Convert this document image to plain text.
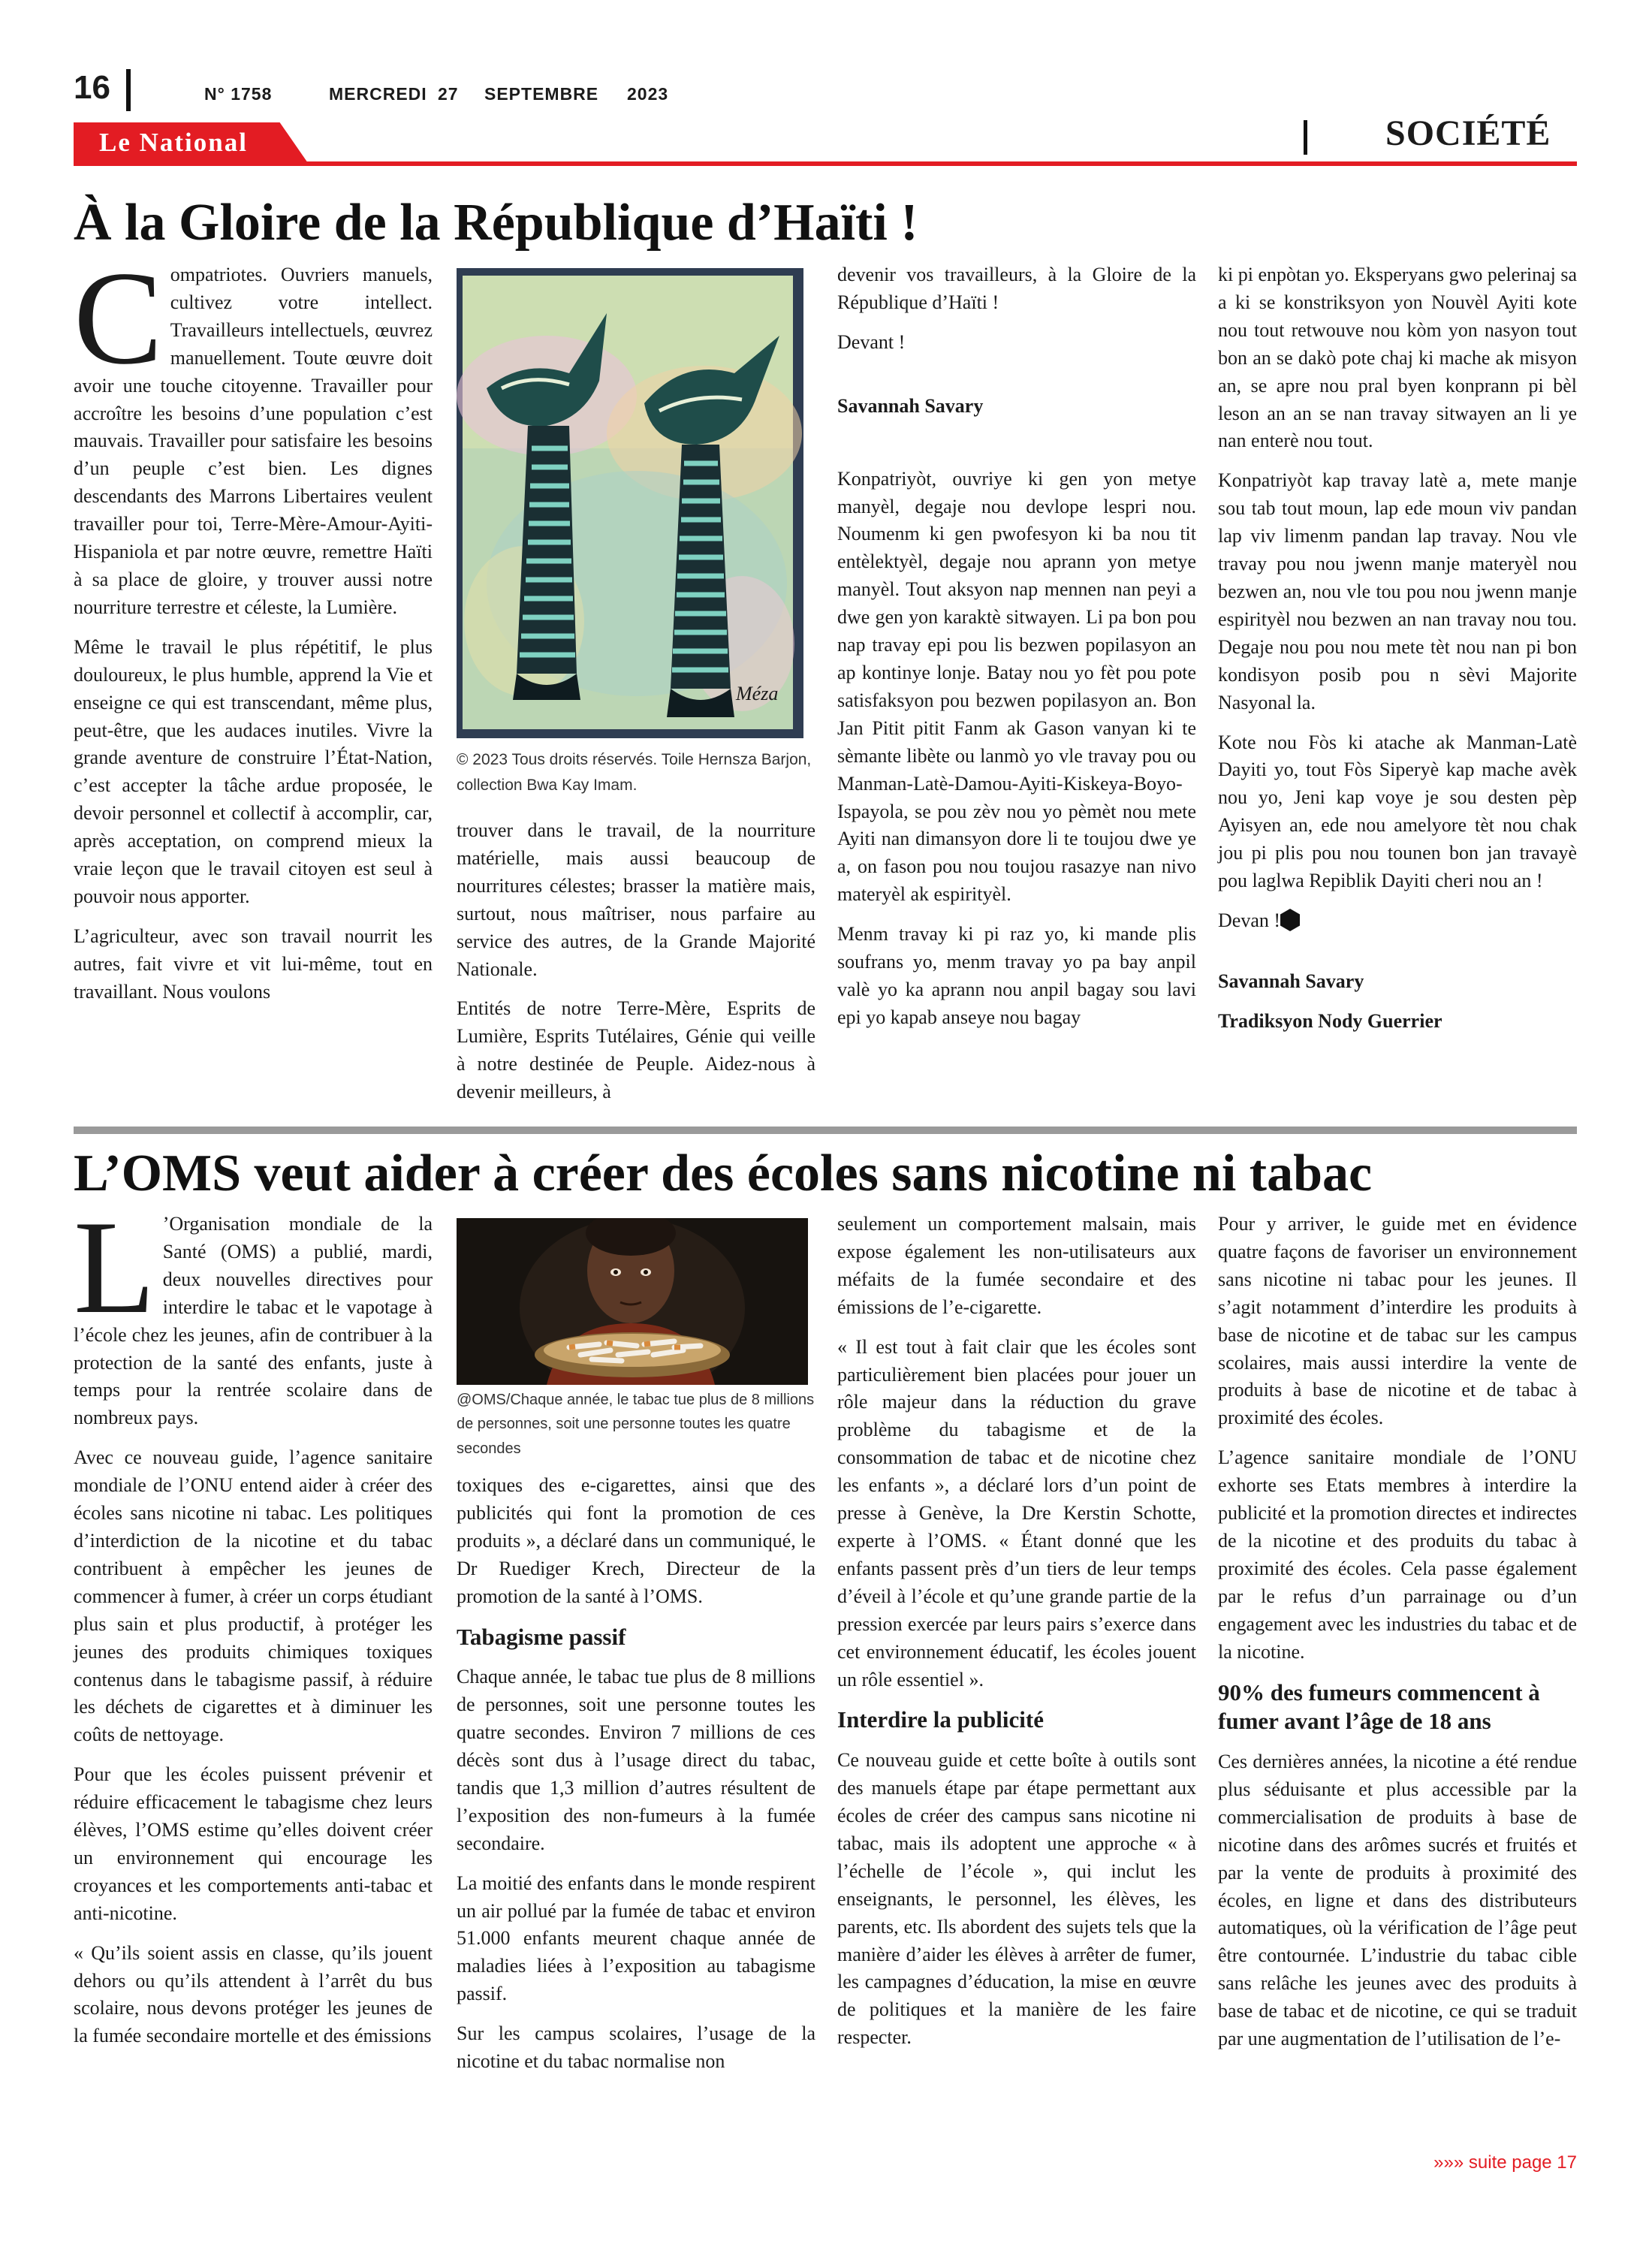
16	N° 1758	MERCREDI 27 SEPTEMBRE 2023
Le National	SOCIÉTÉ
À la Gloire de la République d’Haïti !

Compatriotes. Ouvriers manuels, cultivez votre intellect. Travailleurs intellectuels, œuvrez manuellement. Toute œuvre doit avoir une touche citoyenne. Travailler pour accroître les besoins d’une population c’est mauvais. Travailler pour satisfaire les besoins d’un peuple c’est bien. Les dignes descendants des Marrons Libertaires veulent travailler pour toi, Terre-Mère-Amour-Ayiti-Hispaniola et par notre œuvre, remettre Haïti à sa place de gloire, y trouver aussi notre nourriture terrestre et céleste, la Lumière.

Même le travail le plus répétitif, le plus douloureux, le plus humble, apprend la Vie et enseigne ce qui est transcendant, même plus, peut-être, que les audaces inutiles. Vivre la grande aventure de construire l’État-Nation, c’est accepter la tâche ardue proposée, le devoir personnel et collectif à accomplir, car, après acceptation, on comprend mieux la vraie leçon que le travail citoyen est seul à pouvoir nous apporter.

L’agriculteur, avec son travail nourrit les autres, fait vivre et vit lui-même, tout en travaillant. Nous voulons

Méza
© 2023 Tous droits réservés. Toile Hernsza Barjon, collection Bwa Kay Imam.

trouver dans le travail, de la nourriture matérielle, mais aussi beaucoup de nourritures célestes; brasser la matière mais, surtout, nous maîtriser, nous parfaire au service des autres, de la Grande Majorité Nationale.

Entités de notre Terre-Mère, Esprits de Lumière, Esprits Tutélaires, Génie qui veille à notre destinée de Peuple. Aidez-nous à devenir meilleurs, à

devenir vos travailleurs, à la Gloire de la République d’Haïti !

Devant !

Savannah Savary

Konpatriyòt, ouvriye ki gen yon metye manyèl, degaje nou devlope lespri nou. Noumenm ki gen pwofesyon ki ba nou tit entèlektyèl, degaje nou aprann yon metye manyèl. Tout aksyon nap mennen nan peyi a dwe gen yon karaktè sitwayen. Li pa bon pou nap travay epi pou lis bezwen popilasyon an ap kontinye lonje. Batay nou yo fèt pou pote satisfaksyon pou bezwen popilasyon an. Bon Jan Pitit pitit Fanm ak Gason vanyan ki te sèmante libète ou lanmò yo vle travay pou ou Manman-Latè-Damou-Ayiti-Kiskeya-Boyo-Ispayola, se pou zèv nou yo pèmèt nou mete Ayiti nan dimansyon dore li te toujou dwe ye a, on fason pou nou toujou rasazye nan nivo materyèl ak espirityèl.

Menm travay ki pi raz yo, ki mande plis soufrans yo, menm travay yo pa bay anpil valè yo ka aprann nou anpil bagay sou lavi epi yo kapab anseye nou bagay

ki pi enpòtan yo. Eksperyans gwo pelerinaj sa a ki se konstriksyon yon Nouvèl Ayiti kote nou tout retwouve nou kòm yon nasyon tout bon an se dakò pote chaj ki mache ak misyon an, se apre nou pral byen konprann pi bèl leson an an se nan travay sitwayen an li ye nan enterè nou tout.

Konpatriyòt kap travay latè a, mete manje sou tab tout moun, lap ede moun viv pandan lap viv limenm pandan lap travay. Nou vle travay pou nou jwenn manje materyèl nou bezwen an, nou vle tou pou nou jwenn manje espirityèl nou bezwen an nan travay nou tou. Degaje nou pou nou mete tèt nou nan pi bon kondisyon posib pou n sèvi Majorite Nasyonal la.

Kote nou Fòs ki atache ak Manman-Latè Dayiti yo, tout Fòs Siperyè kap mache avèk nou yo, Jeni kap voye je sou desten pèp Ayisyen an, ede nou amelyore tèt nou chak jou pi plis pou nou tounen bon jan travayè pou laglwa Repiblik Dayiti cheri nou an !

Devan !

Savannah Savary

Tradiksyon Nody Guerrier

L’OMS veut aider à créer des écoles sans nicotine ni tabac

L ’Organisation mondiale de la Santé (OMS) a publié, mardi, deux nouvelles directives pour interdire le tabac et le vapotage à l’école chez les jeunes, afin de contribuer à la protection de la santé des enfants, juste à temps pour la rentrée scolaire dans de nombreux pays.

Avec ce nouveau guide, l’agence sanitaire mondiale de l’ONU entend aider à créer des écoles sans nicotine ni tabac. Les politiques d’interdiction de la nicotine et du tabac contribuent à empêcher les jeunes de commencer à fumer, à créer un corps étudiant plus sain et plus productif, à protéger les jeunes des produits chimiques toxiques contenus dans le tabagisme passif, à réduire les déchets de cigarettes et à diminuer les coûts de nettoyage.

Pour que les écoles puissent prévenir et réduire efficacement le tabagisme chez leurs élèves, l’OMS estime qu’elles doivent créer un environnement qui encourage les croyances et les comportements anti-tabac et anti-nicotine.

« Qu’ils soient assis en classe, qu’ils jouent dehors ou qu’ils attendent à l’arrêt du bus scolaire, nous devons protéger les jeunes de la fumée secondaire mortelle et des émissions

@OMS/Chaque année, le tabac tue plus de 8 millions de personnes, soit une personne toutes les quatre secondes

toxiques des e-cigarettes, ainsi que des publicités qui font la promotion de ces produits », a déclaré dans un communiqué, le Dr Ruediger Krech, Directeur de la promotion de la santé à l’OMS.

Tabagisme passif

Chaque année, le tabac tue plus de 8 millions de personnes, soit une personne toutes les quatre secondes. Environ 7 millions de ces décès sont dus à l’usage direct du tabac, tandis que 1,3 million d’autres résultent de l’exposition des non-fumeurs à la fumée secondaire.

La moitié des enfants dans le monde respirent un air pollué par la fumée de tabac et environ 51.000 enfants meurent chaque année de maladies liées à l’exposition au tabagisme passif.

Sur les campus scolaires, l’usage de la nicotine et du tabac normalise non

seulement un comportement malsain, mais expose également les non-utilisateurs aux méfaits de la fumée secondaire et des émissions de l’e-cigarette.

« Il est tout à fait clair que les écoles sont particulièrement bien placées pour jouer un rôle majeur dans la réduction du grave problème du tabagisme et de la consommation de tabac et de nicotine chez les enfants », a déclaré lors d’un point de presse à Genève, la Dre Kerstin Schotte, experte à l’OMS. « Étant donné que les enfants passent près d’un tiers de leur temps d’éveil à l’école et qu’une grande partie de la pression exercée par leurs pairs s’exerce dans cet environnement éducatif, les écoles jouent un rôle essentiel ».

Interdire la publicité

Ce nouveau guide et cette boîte à outils sont des manuels étape par étape permettant aux écoles de créer des campus sans nicotine ni tabac, mais ils adoptent une approche « à l’échelle de l’école », qui inclut les enseignants, le personnel, les élèves, les parents, etc. Ils abordent des sujets tels que la manière d’aider les élèves à arrêter de fumer, les campagnes d’éducation, la mise en œuvre de politiques et la manière de les faire respecter.

Pour y arriver, le guide met en évidence quatre façons de favoriser un environnement sans nicotine ni tabac pour les jeunes. Il s’agit notamment d’interdire les produits à base de nicotine et de tabac sur les campus scolaires, mais aussi interdire la vente de produits à base de nicotine et de tabac à proximité des écoles.

L’agence sanitaire mondiale de l’ONU exhorte ses Etats membres à interdire la publicité et la promotion directes et indirectes de la nicotine et des produits du tabac à proximité des écoles. Cela passe également par le refus d’un parrainage ou d’un engagement avec les industries du tabac et de la nicotine.

90% des fumeurs commencent à fumer avant l’âge de 18 ans

Ces dernières années, la nicotine a été rendue plus séduisante et plus accessible par la commercialisation de produits à base de nicotine dans des arômes sucrés et fruités et par la vente de produits à proximité des écoles, en ligne et dans des distributeurs automatiques, où la vérification de l’âge peut être contournée. L’industrie du tabac cible sans relâche les jeunes avec des produits à base de tabac et de nicotine, ce qui se traduit par une augmentation de l’utilisation de l’e-

»»» suite page 17
